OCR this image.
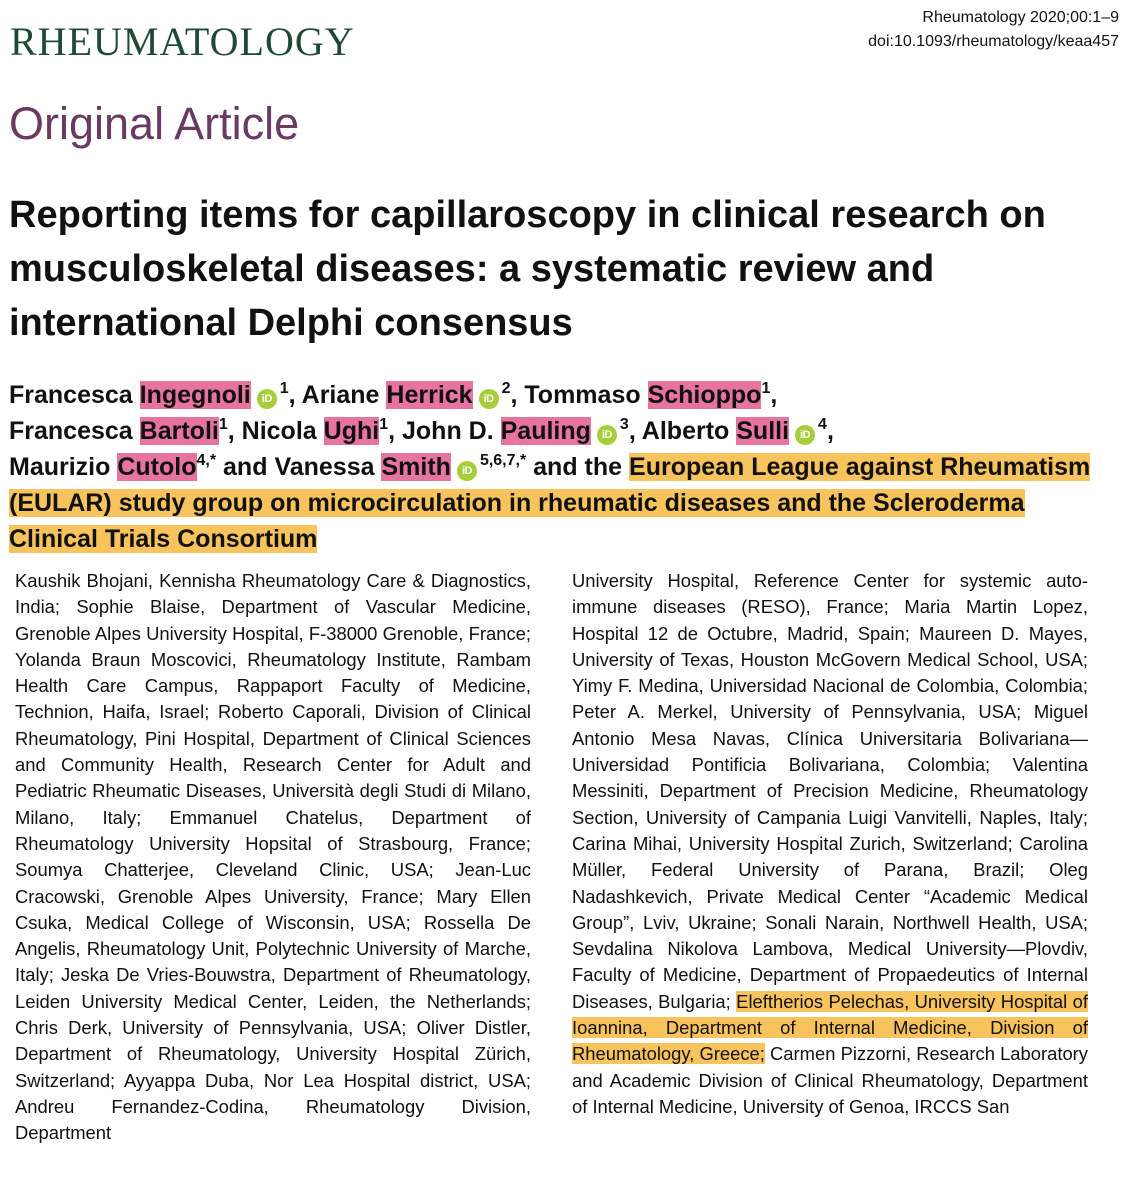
RHEUMATOLOGY
Rheumatology 2020;00:1–9
doi:10.1093/rheumatology/keaa457
Original Article
Reporting items for capillaroscopy in clinical research on musculoskeletal diseases: a systematic review and international Delphi consensus
Francesca Ingegnoli $iD^1$, Ariane Herrick $iD^2$, Tommaso Schioppo$^1$,
Francesca Bartoli$^1$, Nicola Ughi$^1$, John D. Pauling $iD^3$, Alberto Sulli $iD^4$,
Maurizio Cutolo$^{4,*}$ and Vanessa Smith $iD^{5,6,7,*}$ and the European League against Rheumatism (EULAR) study group on microcirculation in rheumatic diseases and the Scleroderma Clinical Trials Consortium

Kaushik Bhojani, Kennisha Rheumatology Care & Diagnostics, India; Sophie Blaise, Department of Vascular Medicine, Grenoble Alpes University Hospital, F-38000 Grenoble, France; Yolanda Braun Moscovici, Rheumatology Institute, Rambam Health Care Campus, Rappaport Faculty of Medicine, Technion, Haifa, Israel; Roberto Caporali, Division of Clinical Rheumatology, Pini Hospital, Department of Clinical Sciences and Community Health, Research Center for Adult and Pediatric Rheumatic Diseases, Università degli Studi di Milano, Milano, Italy; Emmanuel Chatelus, Department of Rheumatology University Hopsital of Strasbourg, France; Soumya Chatterjee, Cleveland Clinic, USA; Jean-Luc Cracowski, Grenoble Alpes University, France; Mary Ellen Csuka, Medical College of Wisconsin, USA; Rossella De Angelis, Rheumatology Unit, Polytechnic University of Marche, Italy; Jeska De Vries-Bouwstra, Department of Rheumatology, Leiden University Medical Center, Leiden, the Netherlands; Chris Derk, University of Pennsylvania, USA; Oliver Distler, Department of Rheumatology, University Hospital Zürich, Switzerland; Ayyappa Duba, Nor Lea Hospital district, USA; Andreu Fernandez-Codina, Rheumatology Division, Department

University Hospital, Reference Center for systemic auto-immune diseases (RESO), France; Maria Martin Lopez, Hospital 12 de Octubre, Madrid, Spain; Maureen D. Mayes, University of Texas, Houston McGovern Medical School, USA; Yimy F. Medina, Universidad Nacional de Colombia, Colombia; Peter A. Merkel, University of Pennsylvania, USA; Miguel Antonio Mesa Navas, Clínica Universitaria Bolivariana—Universidad Pontificia Bolivariana, Colombia; Valentina Messiniti, Department of Precision Medicine, Rheumatology Section, University of Campania Luigi Vanvitelli, Naples, Italy; Carina Mihai, University Hospital Zurich, Switzerland; Carolina Müller, Federal University of Parana, Brazil; Oleg Nadashkevich, Private Medical Center “Academic Medical Group”, Lviv, Ukraine; Sonali Narain, Northwell Health, USA; Sevdalina Nikolova Lambova, Medical University—Plovdiv, Faculty of Medicine, Department of Propaedeutics of Internal Diseases, Bulgaria; Eleftherios Pelechas, University Hospital of Ioannina, Department of Internal Medicine, Division of Rheumatology, Greece; Carmen Pizzorni, Research Laboratory and Academic Division of Clinical Rheumatology, Department of Internal Medicine, University of Genoa, IRCCS San
